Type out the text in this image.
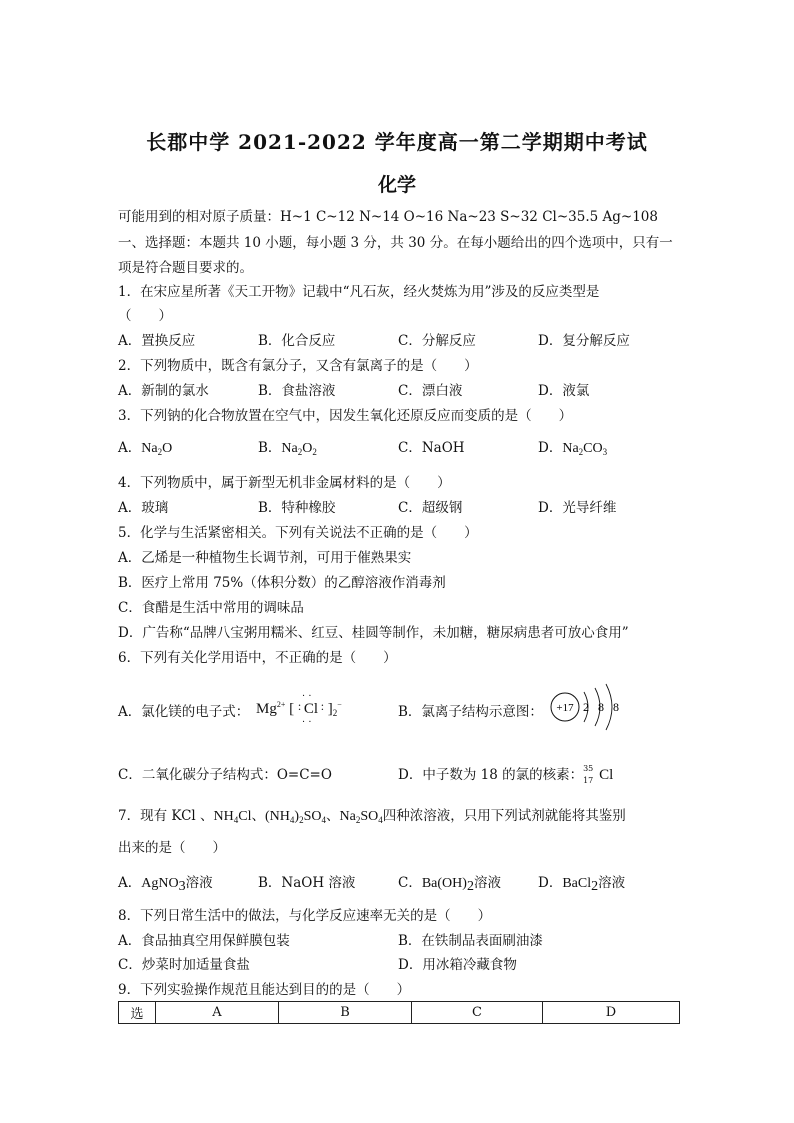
长郡中学 2021-2022 学年度高一第二学期期中考试
化学
可能用到的相对原子质量：H~1 C~12 N~14 O~16 Na~23 S~32 Cl~35.5 Ag~108
一、选择题：本题共 10 小题，每小题 3 分，共 30 分。在每小题给出的四个选项中，只有一
项是符合题目要求的。
1．在宋应星所著《天工开物》记载中“凡石灰，经火焚炼为用”涉及的反应类型是
（　　）
A．置换反应	B．化合反应	C．分解反应	D．复分解反应
2．下列物质中，既含有氯分子，又含有氯离子的是（　　）
A．新制的氯水	B．食盐溶液	C．漂白液	D．液氯
3．下列钠的化合物放置在空气中，因发生氧化还原反应而变质的是（　　）
A．$Na_2O$	B．$Na_2O_2$	C．NaOH	D．$Na_2CO_3$
4．下列物质中，属于新型无机非金属材料的是（　　）
A．玻璃	B．特种橡胶	C．超级钢	D．光导纤维
5．化学与生活紧密相关。下列有关说法不正确的是（　　）
A．乙烯是一种植物生长调节剂，可用于催熟果实
B．医疗上常用 75%（体积分数）的乙醇溶液作消毒剂
C．食醋是生活中常用的调味品
D．广告称“品牌八宝粥用糯米、红豆、桂圆等制作，未加糖，糖尿病患者可放心食用”
6．下列有关化学用语中，不正确的是（　　）
A．氯化镁的电子式： $Mg^{2+}$ [
··
: Cl :
··
]$_2^-$	B．氯离子结构示意图： +17 2 8 8
C．二氧化碳分子结构式：O=C=O	D．中子数为 18 的氯的核素： 35
17 Cl
7．现有 KCl 、$NH_4Cl$、$(NH_4)_2SO_4$、$Na_2SO_4$四种浓溶液，只用下列试剂就能将其鉴别
出来的是（　　）
A．AgNO$_3$溶液	B．NaOH 溶液	C．$Ba(OH)_2$溶液	D．BaCl$_2$溶液
8．下列日常生活中的做法，与化学反应速率无关的是（　　）
A．食品抽真空用保鲜膜包装	B．在铁制品表面刷油漆
C．炒菜时加适量食盐	D．用冰箱冷藏食物
9．下列实验操作规范且能达到目的的是（　　）
选	A	B	C	D
